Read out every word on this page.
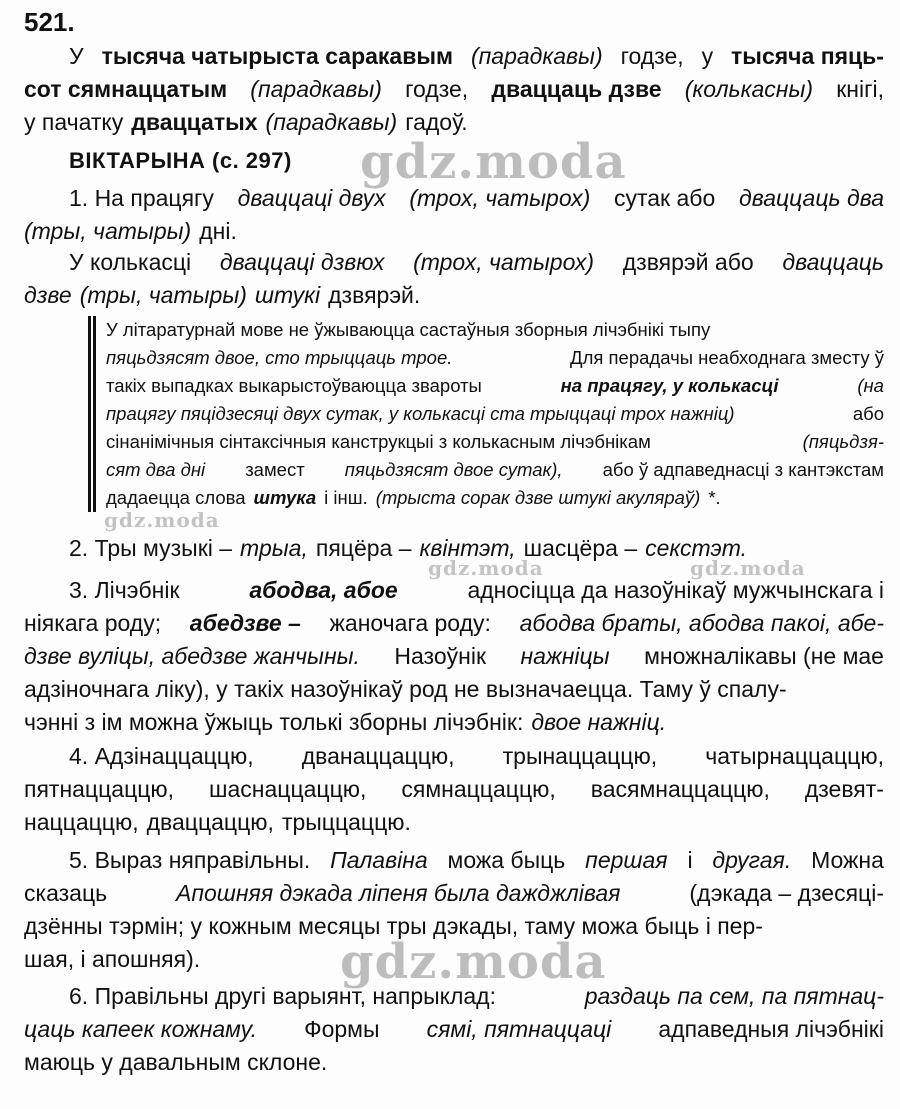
521.
У тысяча чатырыста саракавым (парадкавы) годзе, у тысяча пяць-
сот сямнаццатым (парадкавы) годзе, дваццаць дзве (колькасны) кнігі,
у пачатку дваццатых (парадкавы) гадоў.
ВІКТАРЫНА (с. 297)
1. На працягу дваццаці двух (трох, чатырох) сутак або дваццаць два
(тры, чатыры) дні.
У колькасці дваццаці дзвюх (трох, чатырох) дзвярэй або дваццаць
дзве (тры, чатыры) штукі дзвярэй.
У літаратурнай мове не ўжываюцца састаўныя зборныя лічэбнікі тыпу
пяцьдзясят двое, сто трыццаць трое.	Для перадачы неабходнага зместу ў
такіх выпадках выкарыстоўваюцца звароты	на працягу, у колькасці	(на
працягу пяцідзесяці двух сутак, у колькасці ста трыццаці трох нажніц)	або
сінанімічныя сінтаксічныя канструкцыі з колькасным лічэбнікам	(пяцьдзя-
сят два дні замест пяцьдзясят двое сутак), або ў адпаведнасці з кантэкстам
дадаецца слова штука і інш. (трыста сорак дзве штукі акуляраў) *.
2. Тры музыкі – трыа, пяцёра – квінтэт, шасцёра – секстэт.
3. Лічэбнік	абодва, абое	адносіцца да назоўнікаў мужчынскага і
ніякага роду; абедзве – жаночага роду: абодва браты, абодва пакоі, абе-
дзве вуліцы, абедзве жанчыны. Назоўнік нажніцы множналікавы (не мае
адзіночнага ліку), у такіх назоўнікаў род не вызначаецца. Таму ў спалу-
чэнні з ім можна ўжыць толькі зборны лічэбнік: двое нажніц.
4. Адзінаццаццю, дванаццаццю, трынаццаццю, чатырнаццаццю,
пятнаццаццю, шаснаццаццю, сямнаццаццю, васямнаццаццю, дзевят-
наццаццю, дваццаццю, трыццаццю.
5. Выраз няправільны. Палавіна можа быць першая і другая. Можна
сказаць	Апошняя дэкада ліпеня была дажджлівая	(дэкада – дзесяці-
дзённы тэрмін; у кожным месяцы тры дэкады, таму можа быць і пер-
шая, і апошняя).
6. Правільны другі варыянт, напрыклад:	раздаць па сем, па пятнац-
цаць капеек кожнаму. Формы сямі, пятнаццаці адпаведныя лічэбнікі
маюць у давальным склоне.
gdz.moda
gdz.moda
gdz.moda	gdz.moda
gdz.moda
